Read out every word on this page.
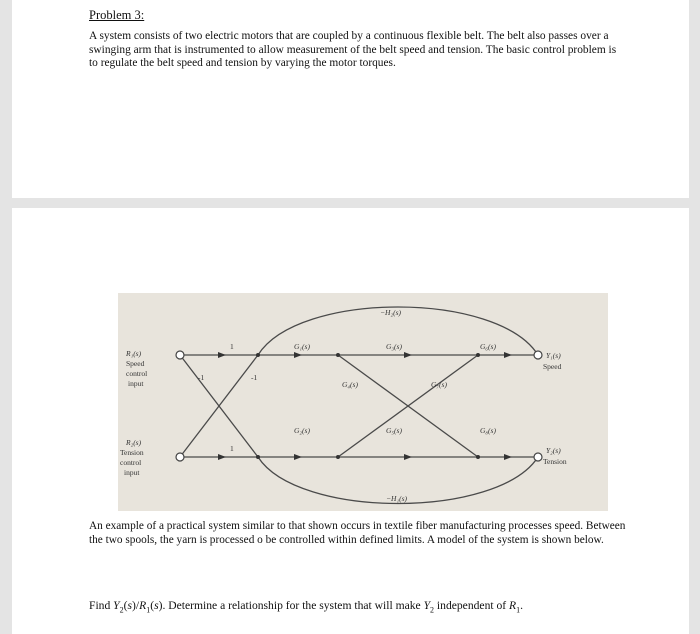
Problem 3:
A system consists of two electric motors that are coupled by a continuous flexible belt. The belt also passes over a swinging arm that is instrumented to allow measurement of the belt speed and tension. The basic control problem is to regulate the belt speed and tension by varying the motor torques.
R₁(s)
Speed
control
input
R₂(s)
Tension
control
input
Y₁(s)
Speed
Y₂(s)
Tension
1
1
-1	-1
G₁(s)
G₂(s)
G₃(s)
G₄(s)
G₅(s)
G₆(s)
G₇(s)
G₈(s)
−H₁(s)
−H₂(s)
An example of a practical system similar to that shown occurs in textile fiber manufacturing processes speed. Between the two spools, the yarn is processed o be controlled within defined limits. A model of the system is shown below.
Find $Y_2(s)/R_1(s)$. Determine a relationship for the system that will make $Y_2$ independent of $R_1$.
